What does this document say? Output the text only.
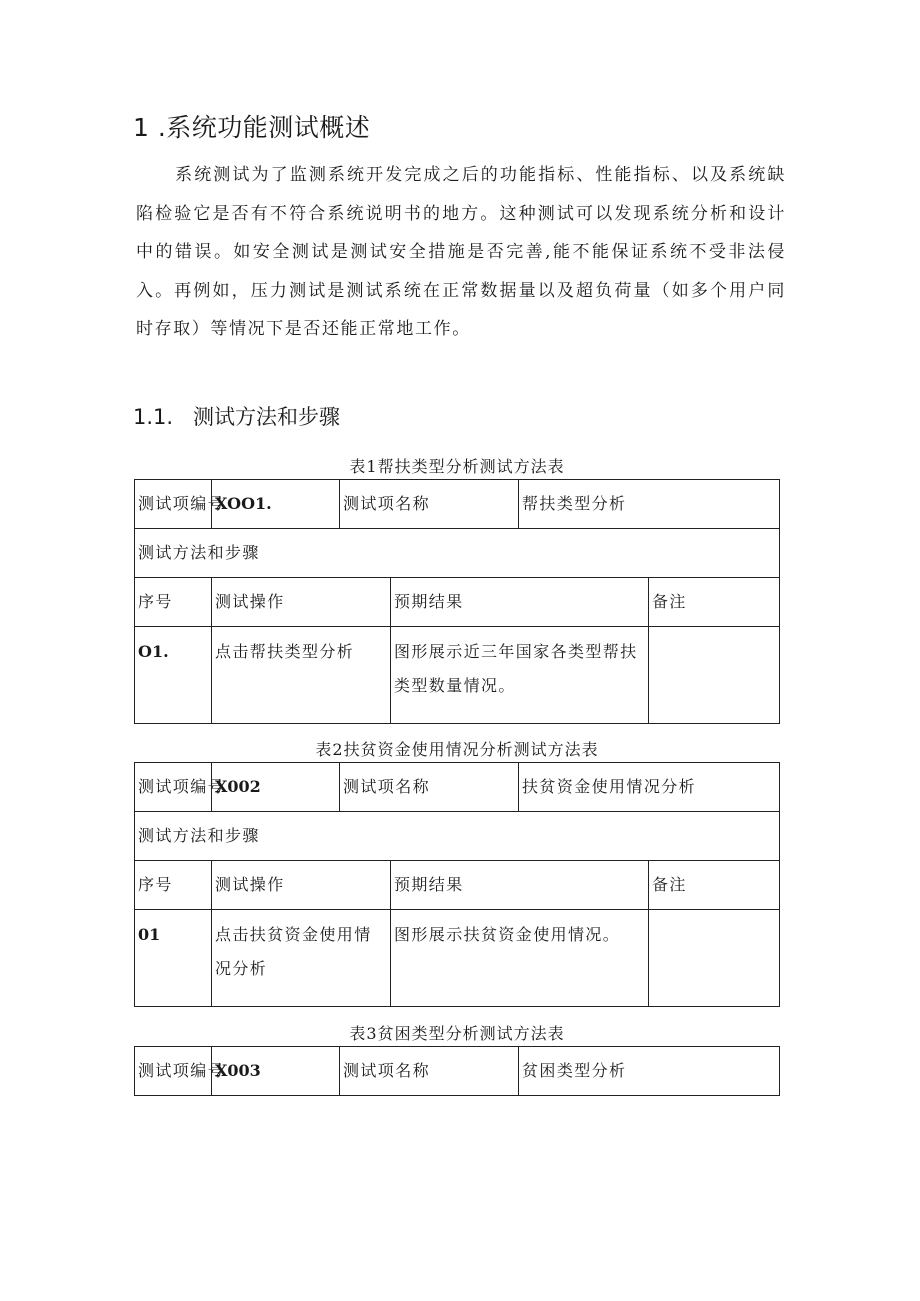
1 .系统功能测试概述

系统测试为了监测系统开发完成之后的功能指标、性能指标、以及系统缺陷检验它是否有不符合系统说明书的地方。这种测试可以发现系统分析和设计中的错误。如安全测试是测试安全措施是否完善,能不能保证系统不受非法侵入。再例如，压力测试是测试系统在正常数据量以及超负荷量（如多个用户同时存取）等情况下是否还能正常地工作。

1.1. 测试方法和步骤
表1帮扶类型分析测试方法表
测试项编号	XOO1.	测试项名称		帮扶类型分析	
测试方法和步骤					
序号	测试操作		预期结果		备注
O1.	点击帮扶类型分析		图形展示近三年国家各类型帮扶类型数量情况。		
表2扶贫资金使用情况分析测试方法表
测试项编号	X002	测试项名称		扶贫资金使用情况分析	
测试方法和步骤					
序号	测试操作		预期结果		备注
01	点击扶贫资金使用情况分析		图形展示扶贫资金使用情况。		
表3贫困类型分析测试方法表
测试项编号	X003	测试项名称	贫困类型分析
